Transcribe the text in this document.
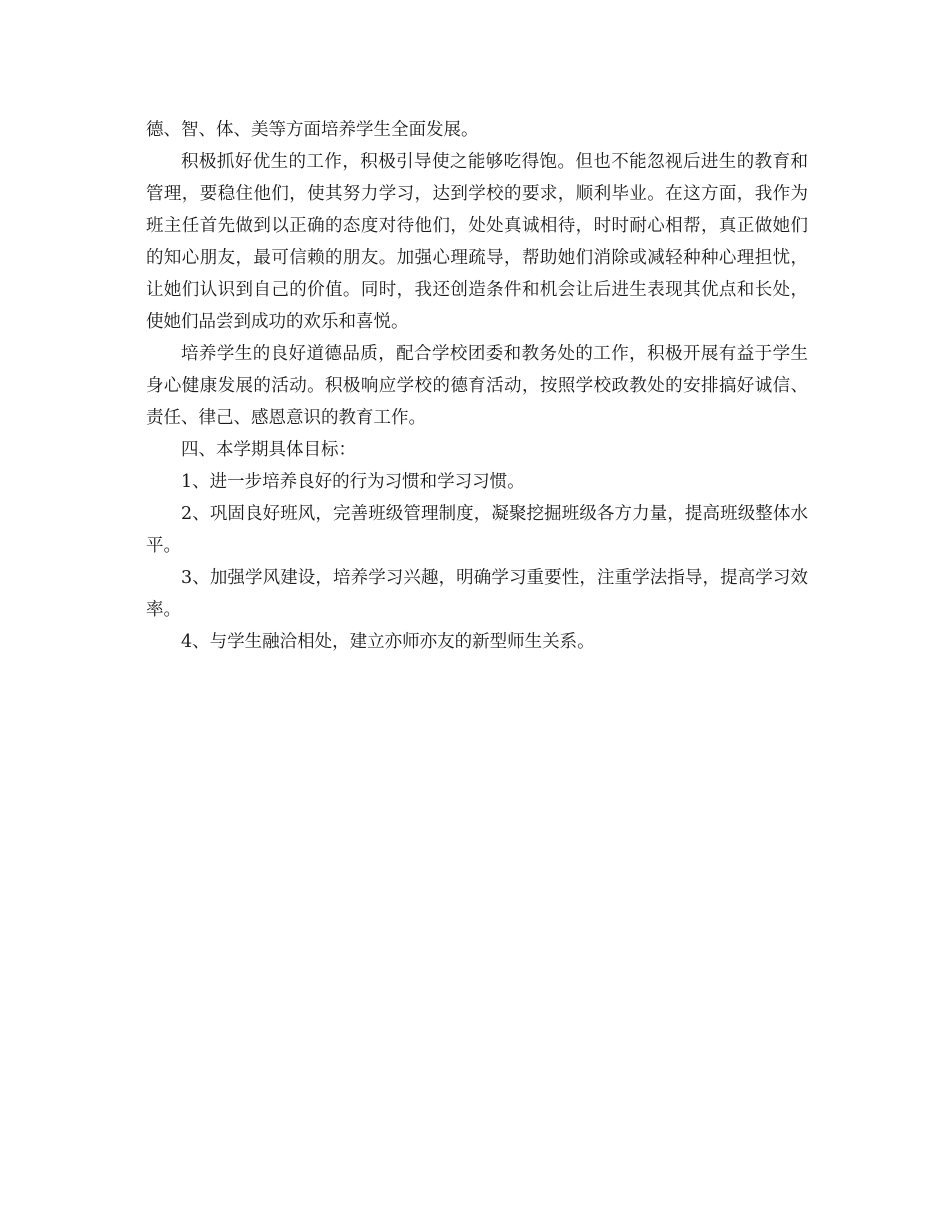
德、智、体、美等方面培养学生全面发展。

积极抓好优生的工作，积极引导使之能够吃得饱。但也不能忽视后进生的教育和管理，要稳住他们，使其努力学习，达到学校的要求，顺利毕业。在这方面，我作为班主任首先做到以正确的态度对待他们，处处真诚相待，时时耐心相帮，真正做她们的知心朋友，最可信赖的朋友。加强心理疏导，帮助她们消除或减轻种种心理担忧，让她们认识到自己的价值。同时，我还创造条件和机会让后进生表现其优点和长处，使她们品尝到成功的欢乐和喜悦。

培养学生的良好道德品质，配合学校团委和教务处的工作，积极开展有益于学生身心健康发展的活动。积极响应学校的德育活动，按照学校政教处的安排搞好诚信、责任、律己、感恩意识的教育工作。

四、本学期具体目标：

1、进一步培养良好的行为习惯和学习习惯。

2、巩固良好班风，完善班级管理制度，凝聚挖掘班级各方力量，提高班级整体水平。

3、加强学风建设，培养学习兴趣，明确学习重要性，注重学法指导，提高学习效率。

4、与学生融洽相处，建立亦师亦友的新型师生关系。
